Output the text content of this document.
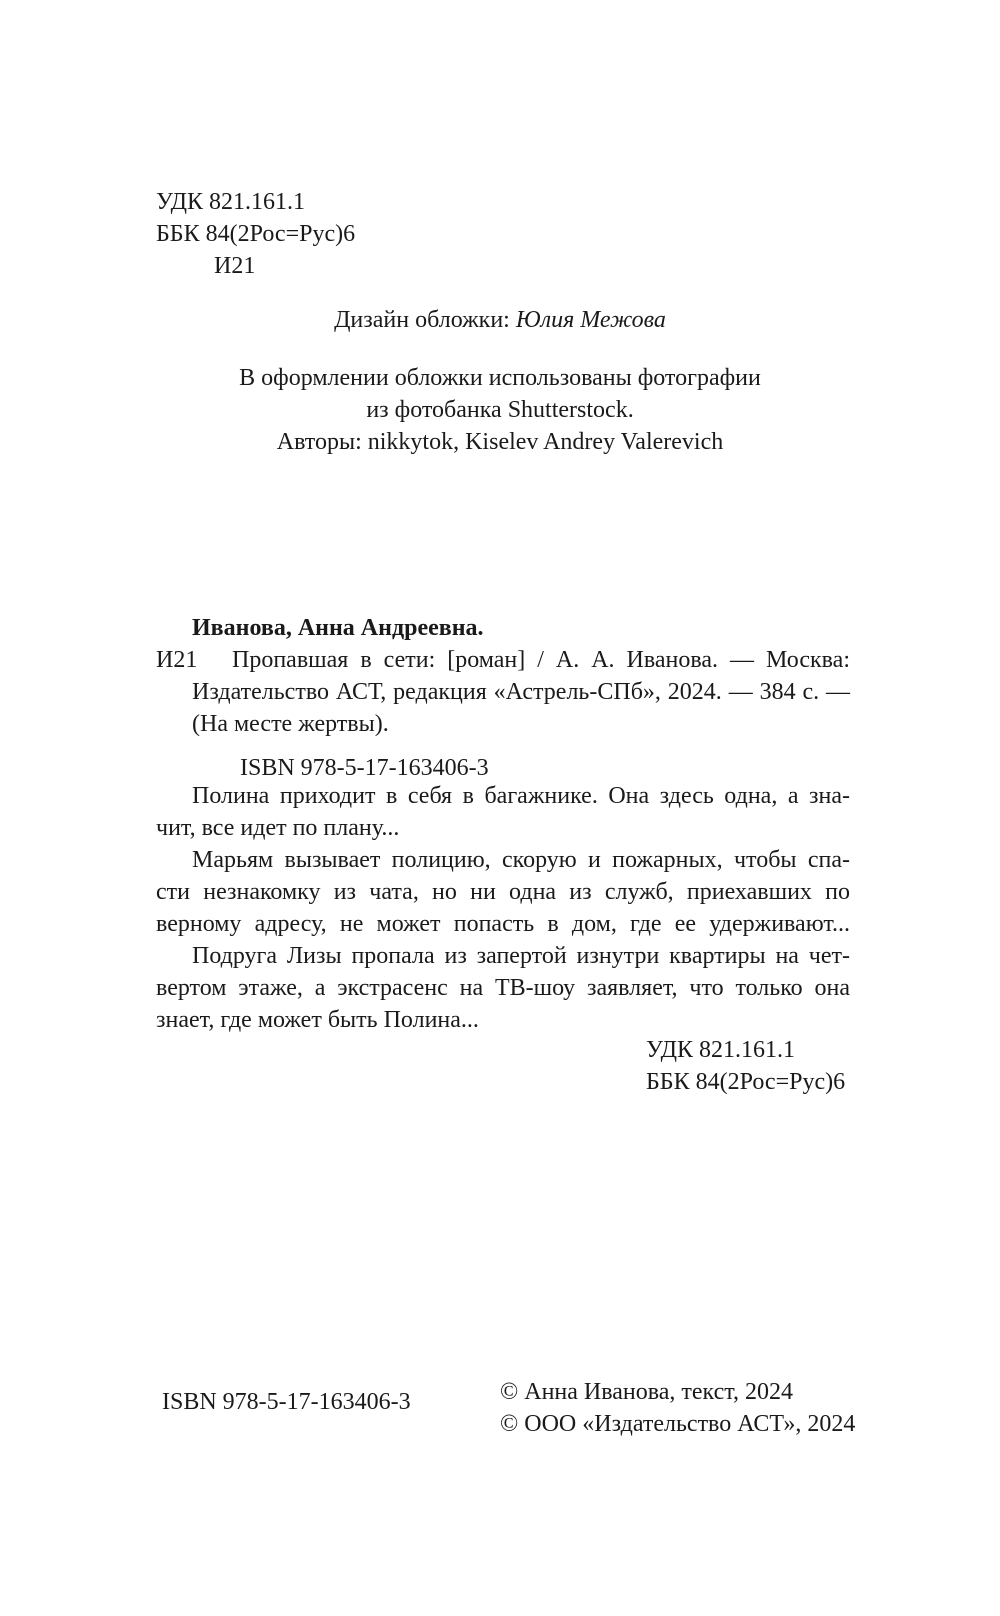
УДК 821.161.1
ББК 84(2Рос=Рус)6
И21
Дизайн обложки: Юлия Межова
В оформлении обложки использованы фотографии
из фотобанка Shutterstock.
Авторы: nikkytok, Kiselev Andrey Valerevich
Иванова, Анна Андреевна.
И21 Пропавшая в сети: [роман] / А. А. Иванова. — Москва:
Издательство АСТ, редакция «Астрель-СПб», 2024. — 384 с. —
(На месте жертвы).
ISBN 978-5-17-163406-3
Полина приходит в себя в багажнике. Она здесь одна, а зна-
чит, все идет по плану...
Марьям вызывает полицию, скорую и пожарных, чтобы спа-
сти незнакомку из чата, но ни одна из служб, приехавших по
верному адресу, не может попасть в дом, где ее удерживают...
Подруга Лизы пропала из запертой изнутри квартиры на чет-
вертом этаже, а экстрасенс на ТВ-шоу заявляет, что только она
знает, где может быть Полина...
УДК 821.161.1
ББК 84(2Рос=Рус)6
ISBN 978-5-17-163406-3	© Анна Иванова, текст, 2024
© ООО «Издательство АСТ», 2024
